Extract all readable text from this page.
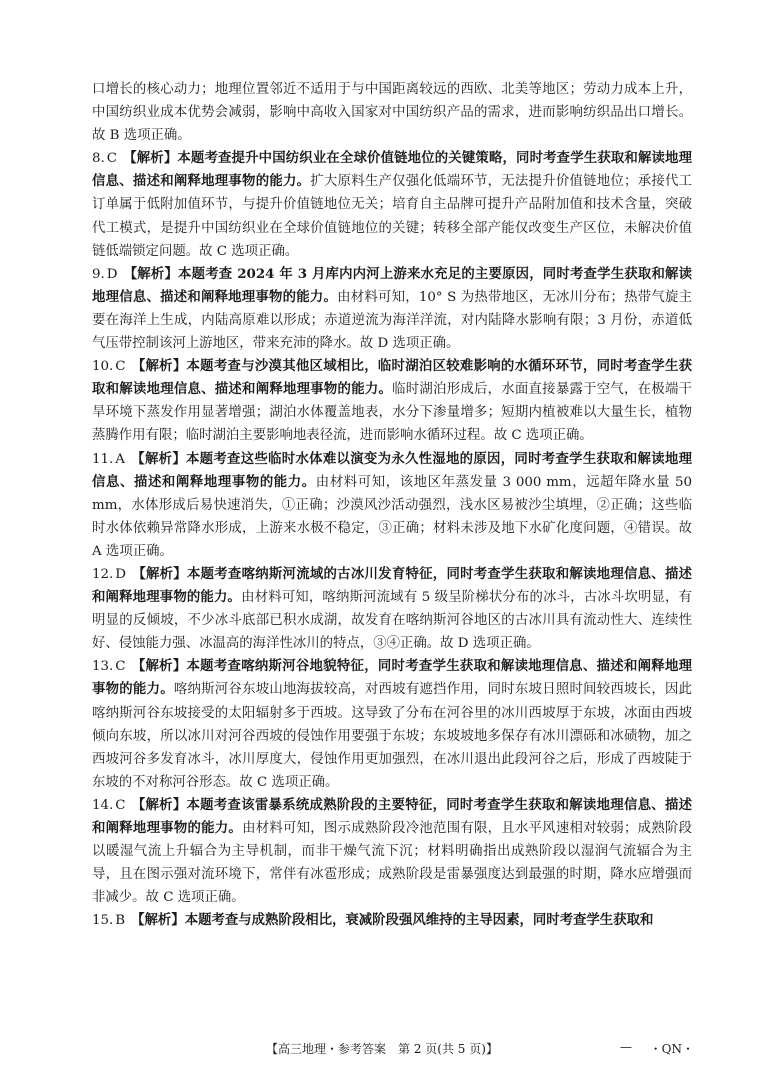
口增长的核心动力；地理位置邻近不适用于与中国距离较远的西欧、北美等地区；劳动力成本上升，中国纺织业成本优势会减弱，影响中高收入国家对中国纺织产品的需求，进而影响纺织品出口增长。故 B 选项正确。

8. C 【解析】本题考查提升中国纺织业在全球价值链地位的关键策略，同时考查学生获取和解读地理信息、描述和阐释地理事物的能力。扩大原料生产仅强化低端环节，无法提升价值链地位；承接代工订单属于低附加值环节，与提升价值链地位无关；培育自主品牌可提升产品附加值和技术含量，突破代工模式，是提升中国纺织业在全球价值链地位的关键；转移全部产能仅改变生产区位，未解决价值链低端锁定问题。故 C 选项正确。

9. D 【解析】本题考查 2024 年 3 月库内内河上游来水充足的主要原因，同时考查学生获取和解读地理信息、描述和阐释地理事物的能力。由材料可知，10° S 为热带地区，无冰川分布；热带气旋主要在海洋上生成，内陆高原难以形成；赤道逆流为海洋洋流，对内陆降水影响有限；3 月份，赤道低气压带控制该河上游地区，带来充沛的降水。故 D 选项正确。

10. C 【解析】本题考查与沙漠其他区域相比，临时湖泊区较难影响的水循环环节，同时考查学生获取和解读地理信息、描述和阐释地理事物的能力。临时湖泊形成后，水面直接暴露于空气，在极端干旱环境下蒸发作用显著增强；湖泊水体覆盖地表，水分下渗量增多；短期内植被难以大量生长，植物蒸腾作用有限；临时湖泊主要影响地表径流，进而影响水循环过程。故 C 选项正确。

11. A 【解析】本题考查这些临时水体难以演变为永久性湿地的原因，同时考查学生获取和解读地理信息、描述和阐释地理事物的能力。由材料可知，该地区年蒸发量 3 000 mm，远超年降水量 50 mm，水体形成后易快速消失，①正确；沙漠风沙活动强烈，浅水区易被沙尘填埋，②正确；这些临时水体依赖异常降水形成，上游来水极不稳定，③正确；材料未涉及地下水矿化度问题，④错误。故 A 选项正确。

12. D 【解析】本题考查喀纳斯河流域的古冰川发育特征，同时考查学生获取和解读地理信息、描述和阐释地理事物的能力。由材料可知，喀纳斯河流域有 5 级呈阶梯状分布的冰斗，古冰斗坎明显，有明显的反倾坡，不少冰斗底部已积水成湖，故发育在喀纳斯河谷地区的古冰川具有流动性大、连续性好、侵蚀能力强、冰温高的海洋性冰川的特点，③④正确。故 D 选项正确。

13. C 【解析】本题考查喀纳斯河谷地貌特征，同时考查学生获取和解读地理信息、描述和阐释地理事物的能力。喀纳斯河谷东坡山地海拔较高，对西坡有遮挡作用，同时东坡日照时间较西坡长，因此喀纳斯河谷东坡接受的太阳辐射多于西坡。这导致了分布在河谷里的冰川西坡厚于东坡，冰面由西坡倾向东坡，所以冰川对河谷西坡的侵蚀作用要强于东坡；东坡坡地多保存有冰川漂砾和冰碛物，加之西坡河谷多发育冰斗，冰川厚度大，侵蚀作用更加强烈，在冰川退出此段河谷之后，形成了西坡陡于东坡的不对称河谷形态。故 C 选项正确。

14. C 【解析】本题考查该雷暴系统成熟阶段的主要特征，同时考查学生获取和解读地理信息、描述和阐释地理事物的能力。由材料可知，图示成熟阶段冷池范围有限，且水平风速相对较弱；成熟阶段以暖湿气流上升辐合为主导机制，而非干燥气流下沉；材料明确指出成熟阶段以湿润气流辐合为主导，且在图示强对流环境下，常伴有冰雹形成；成熟阶段是雷暴强度达到最强的时期，降水应增强而非减少。故 C 选项正确。

15. B 【解析】本题考查与成熟阶段相比，衰减阶段强风维持的主导因素，同时考查学生获取和

【高三地理・参考答案　第 2 页(共 5 页)】	— ・QN・
